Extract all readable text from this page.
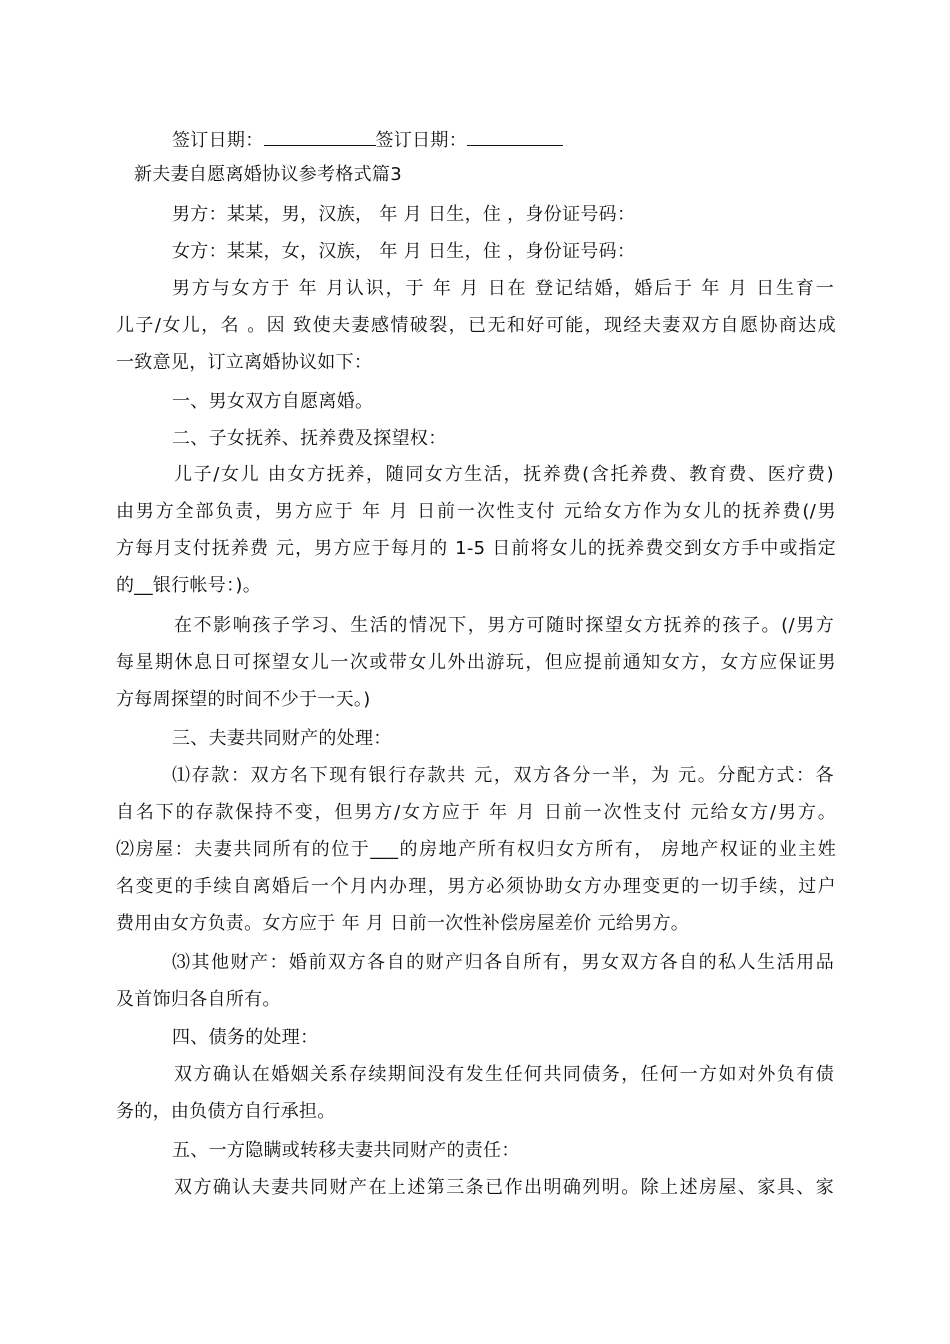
签订日期：	签订日期：
新夫妻自愿离婚协议参考格式篇3
男方：某某，男，汉族， 年 月 日生，住 ，身份证号码：
女方：某某，女，汉族， 年 月 日生，住 ，身份证号码：
男方与女方于 年 月认识，于 年 月 日在 登记结婚，婚后于 年 月 日生育一
儿子/女儿，名 。因 致使夫妻感情破裂，已无和好可能，现经夫妻双方自愿协商达成
一致意见，订立离婚协议如下：
一、男女双方自愿离婚。
二、子女抚养、抚养费及探望权：
儿子/女儿 由女方抚养，随同女方生活，抚养费(含托养费、教育费、医疗费)
由男方全部负责，男方应于 年 月 日前一次性支付 元给女方作为女儿的抚养费(/男
方每月支付抚养费 元，男方应于每月的 1-5 日前将女儿的抚养费交到女方手中或指定
的__银行帐号：)。
在不影响孩子学习、生活的情况下，男方可随时探望女方抚养的孩子。(/男方
每星期休息日可探望女儿一次或带女儿外出游玩，但应提前通知女方，女方应保证男
方每周探望的时间不少于一天。)
三、夫妻共同财产的处理：
⑴存款：双方名下现有银行存款共 元，双方各分一半，为 元。分配方式：各
自名下的存款保持不变，但男方/女方应于 年 月 日前一次性支付 元给女方/男方。
⑵房屋：夫妻共同所有的位于___的房地产所有权归女方所有， 房地产权证的业主姓
名变更的手续自离婚后一个月内办理，男方必须协助女方办理变更的一切手续，过户
费用由女方负责。女方应于 年 月 日前一次性补偿房屋差价 元给男方。
⑶其他财产：婚前双方各自的财产归各自所有，男女双方各自的私人生活用品
及首饰归各自所有。
四、债务的处理：
双方确认在婚姻关系存续期间没有发生任何共同债务，任何一方如对外负有债
务的，由负债方自行承担。
五、一方隐瞒或转移夫妻共同财产的责任：
双方确认夫妻共同财产在上述第三条已作出明确列明。除上述房屋、家具、家
